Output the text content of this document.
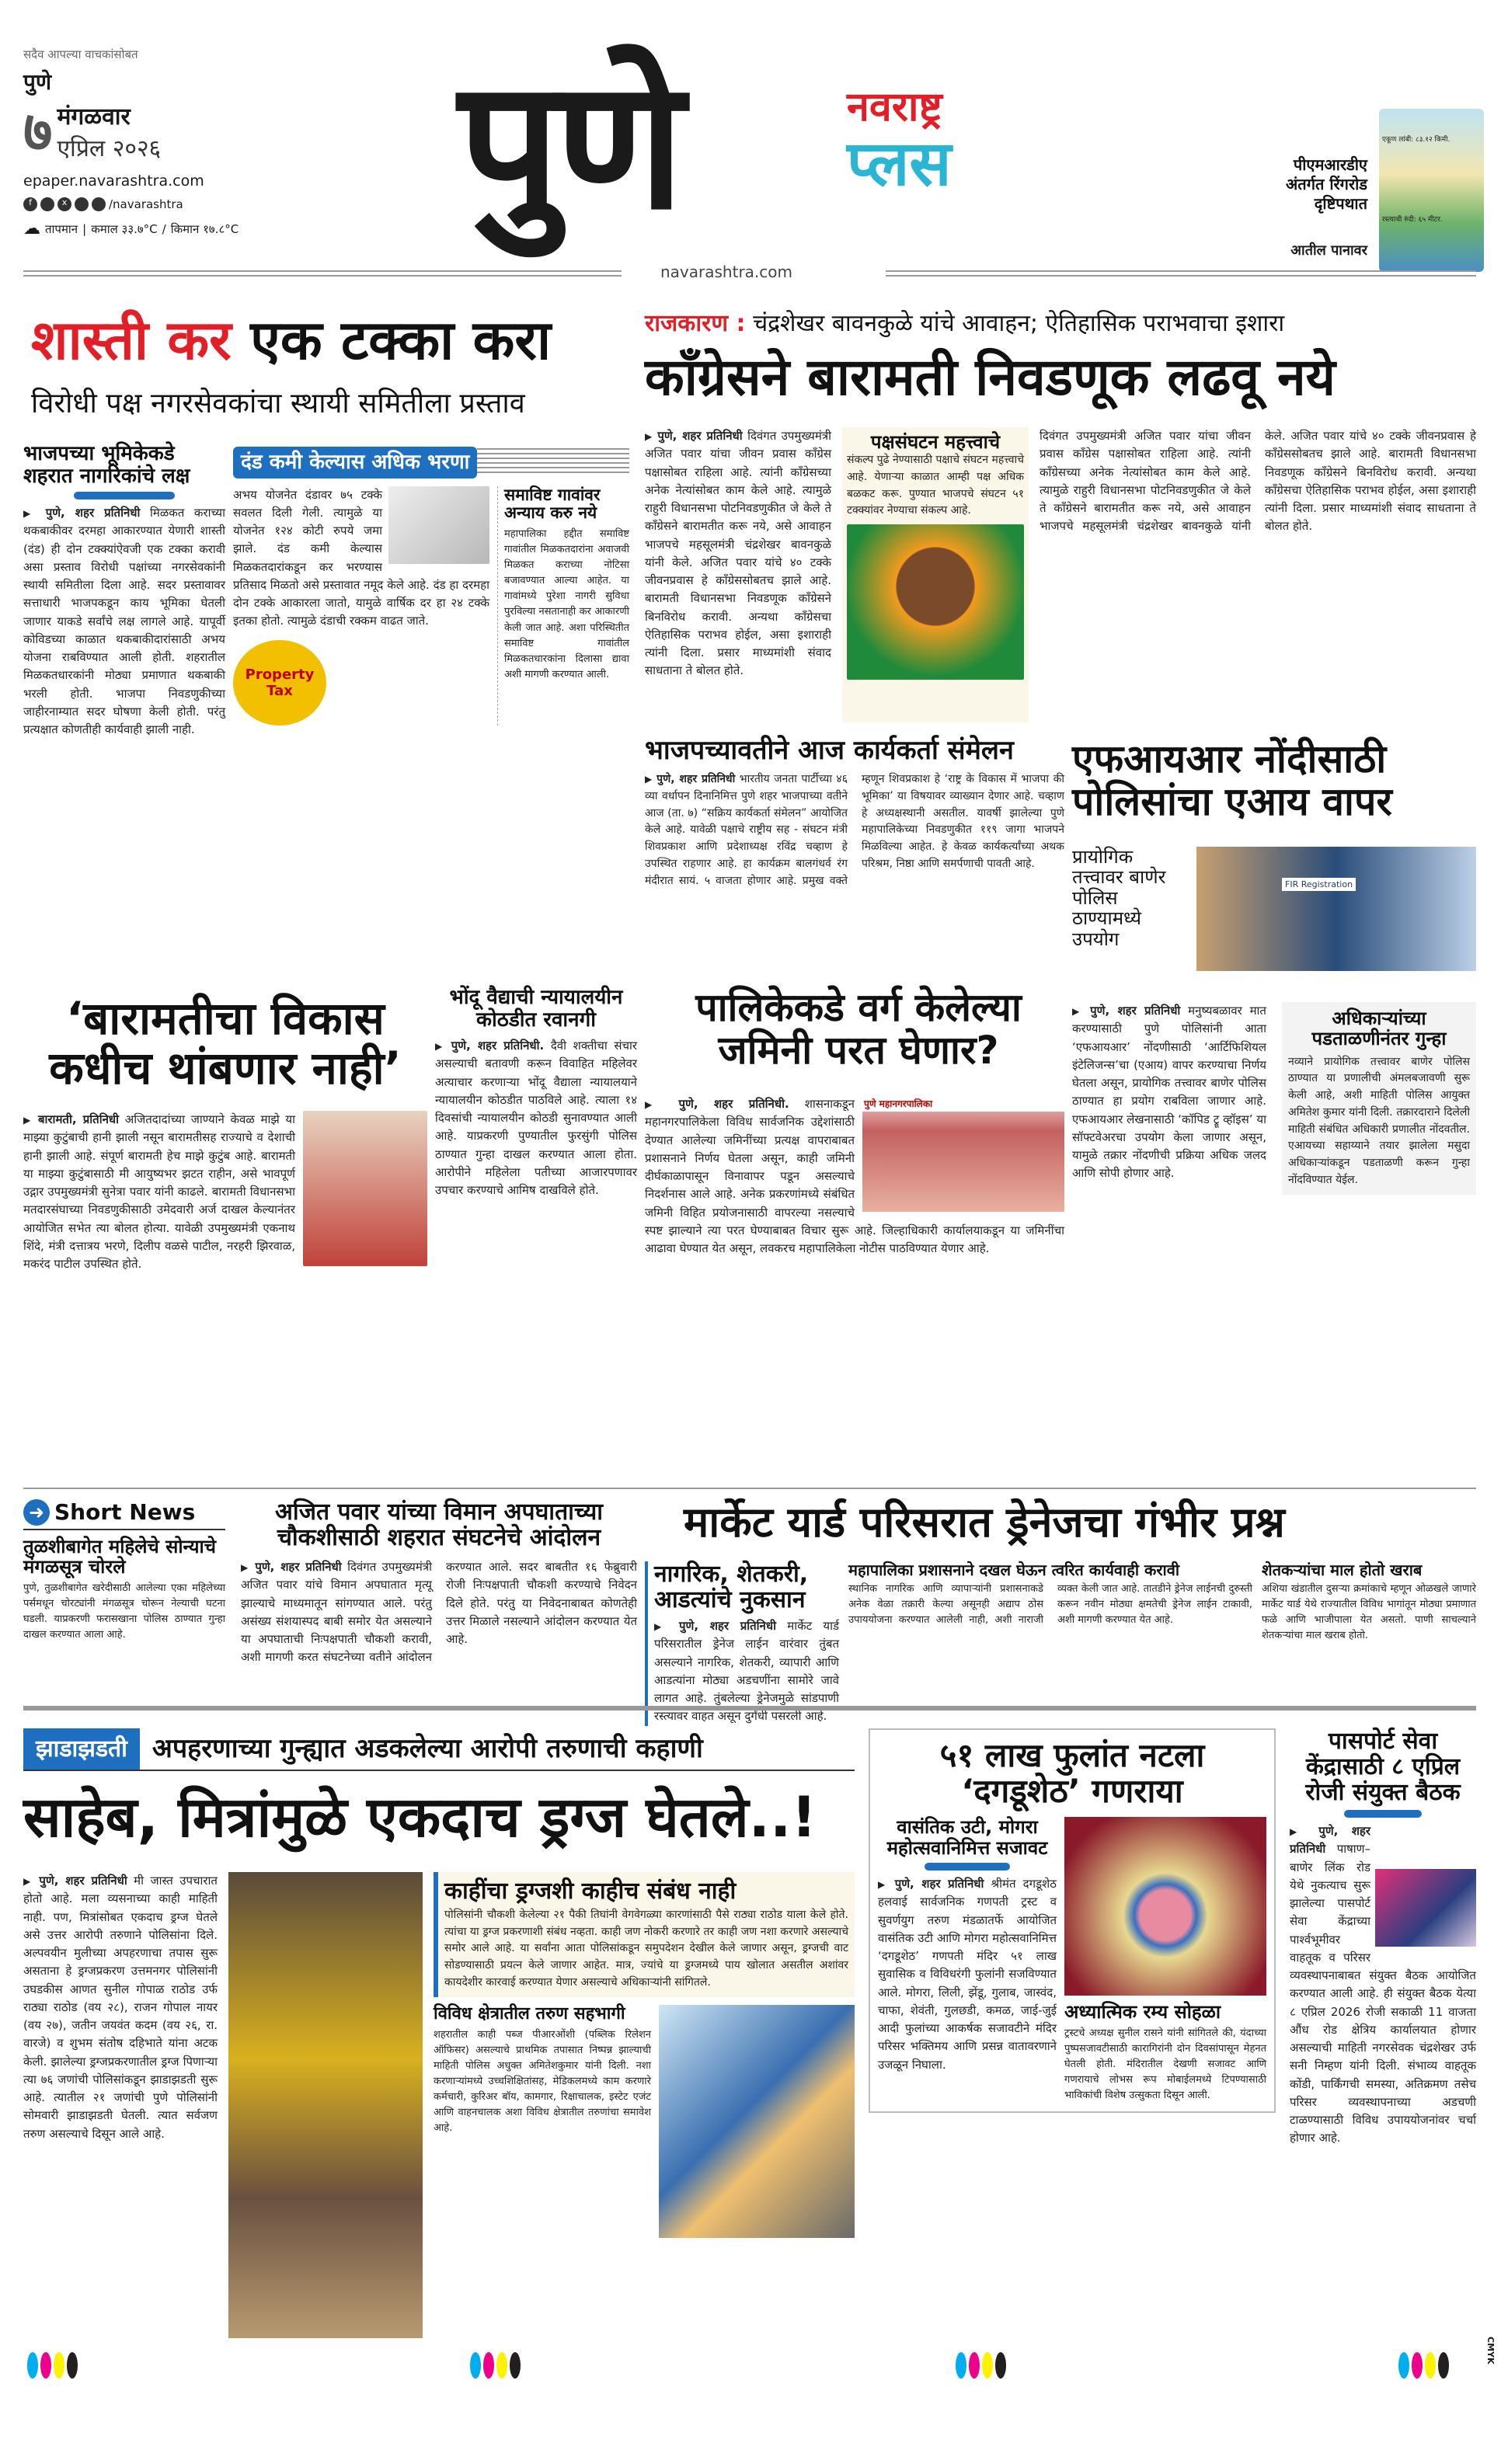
सदैव आपल्या वाचकांसोबत
पुणे
७ मंगळवार
एप्रिल २०२६
epaper.navarashtra.com
f	x	/navarashtra
☁ तापमान | कमाल ३३.७°C / किमान १७.८°C पुणे	नवराष्ट्र
प्लस
navarashtra.com
पीएमआरडीए अंतर्गत रिंगरोड दृष्टिपथात
आतील पानावर
एकूण लांबी: ८३.१२ किमी.
रस्त्याची रुंदी: ६५ मीटर.
शास्ती कर एक टक्का करा
विरोधी पक्ष नगरसेवकांचा स्थायी समितीला प्रस्ताव
भाजपच्या भूमिकेकडे शहरात नागरिकांचे लक्ष
▶ पुणे, शहर प्रतिनिधी मिळकत कराच्या थकबाकीवर दरमहा आकारण्यात येणारी शास्ती (दंड) ही दोन टक्क्यांऐवजी एक टक्का करावी असा प्रस्ताव विरोधी पक्षांच्या नगरसेवकांनी स्थायी समितीला दिला आहे. सदर प्रस्तावावर सत्ताधारी भाजपकडून काय भूमिका घेतली जाणार याकडे सर्वांचे लक्ष लागले आहे. यापूर्वी कोविडच्या काळात थकबाकीदारांसाठी अभय योजना राबविण्यात आली होती. शहरातील मिळकतधारकांनी मोठ्या प्रमाणात थकबाकी भरली होती. भाजपा निवडणुकीच्या जाहीरनाम्यात सदर घोषणा केली होती. परंतु प्रत्यक्षात कोणतीही कार्यवाही झाली नाही.
दंड कमी केल्यास अधिक भरणा
अभय योजनेत दंडावर ७५ टक्के सवलत दिली गेली. त्यामुळे या योजनेत १२४ कोटी रुपये जमा झाले. दंड कमी केल्यास मिळकतदारांकडून कर भरण्यास प्रतिसाद मिळतो असे प्रस्तावात नमूद केले आहे. दंड हा दरमहा दोन टक्के आकारला जातो, यामुळे वार्षिक दर हा २४ टक्के इतका होतो. त्यामुळे दंडाची रक्कम वाढत जाते.
Property Tax
समाविष्ट गावांवर अन्याय करु नये
महापालिका हद्दीत समाविष्ट गावांतील मिळकतदारांना अवाजवी मिळकत कराच्या नोटिसा बजावण्यात आल्या आहेत. या गावांमध्ये पुरेशा नागरी सुविधा पुरविल्या नसतानाही कर आकारणी केली जात आहे. अशा परिस्थितीत समाविष्ट गावांतील मिळकतधारकांना दिलासा द्यावा अशी मागणी करण्यात आली.
राजकारण : चंद्रशेखर बावनकुळे यांचे आवाहन; ऐतिहासिक पराभवाचा इशारा
काँग्रेसने बारामती निवडणूक लढवू नये
▶ पुणे, शहर प्रतिनिधी दिवंगत उपमुख्यमंत्री अजित पवार यांचा जीवन प्रवास काँग्रेस पक्षासोबत राहिला आहे. त्यांनी काँग्रेसच्या अनेक नेत्यांसोबत काम केले आहे. त्यामुळे राहुरी विधानसभा पोटनिवडणुकीत जे केले ते काँग्रेसने बारामतीत करू नये, असे आवाहन भाजपचे महसूलमंत्री चंद्रशेखर बावनकुळे यांनी केले. अजित पवार यांचे ४० टक्के जीवनप्रवास हे काँग्रेससोबतच झाले आहे. बारामती विधानसभा निवडणूक काँग्रेसने बिनविरोध करावी. अन्यथा काँग्रेसचा ऐतिहासिक पराभव होईल, असा इशाराही त्यांनी दिला. प्रसार माध्यमांशी संवाद साधताना ते बोलत होते.
पक्षसंघटन महत्त्वाचे
संकल्प पुढे नेण्यासाठी पक्षाचे संघटन महत्त्वाचे आहे. येणाऱ्या काळात आम्ही पक्ष अधिक बळकट करू. पुण्यात भाजपचे संघटन ५१ टक्क्यांवर नेण्याचा संकल्प आहे.
दिवंगत उपमुख्यमंत्री अजित पवार यांचा जीवन प्रवास काँग्रेस पक्षासोबत राहिला आहे. त्यांनी काँग्रेसच्या अनेक नेत्यांसोबत काम केले आहे. त्यामुळे राहुरी विधानसभा पोटनिवडणुकीत जे केले ते काँग्रेसने बारामतीत करू नये, असे आवाहन भाजपचे महसूलमंत्री चंद्रशेखर बावनकुळे यांनी केले. अजित पवार यांचे ४० टक्के जीवनप्रवास हे काँग्रेससोबतच झाले आहे. बारामती विधानसभा निवडणूक काँग्रेसने बिनविरोध करावी. अन्यथा काँग्रेसचा ऐतिहासिक पराभव होईल, असा इशाराही त्यांनी दिला. प्रसार माध्यमांशी संवाद साधताना ते बोलत होते.
भाजपच्यावतीने आज कार्यकर्ता संमेलन
▶ पुणे, शहर प्रतिनिधी भारतीय जनता पार्टीच्या ४६ व्या वर्धापन दिनानिमित्त पुणे शहर भाजपाच्या वतीने आज (ता. ७) “सक्रिय कार्यकर्ता संमेलन” आयोजित केले आहे. यावेळी पक्षाचे राष्ट्रीय सह - संघटन मंत्री शिवप्रकाश आणि प्रदेशाध्यक्ष रविंद्र चव्हाण हे उपस्थित राहणार आहे. हा कार्यक्रम बालगंधर्व रंग मंदीरात सायं. ५ वाजता होणार आहे. प्रमुख वक्ते म्हणून शिवप्रकाश हे ‘राष्ट्र के विकास में भाजपा की भूमिका’ या विषयावर व्याख्यान देणार आहे. चव्हाण हे अध्यक्षस्थानी असतील. यावर्षी झालेल्या पुणे महापालिकेच्या निवडणुकीत ११९ जागा भाजपने मिळविल्या आहेत. हे केवळ कार्यकर्त्यांच्या अथक परिश्रम, निष्ठा आणि समर्पणाची पावती आहे.
एफआयआर नोंदीसाठी पोलिसांचा एआय वापर
प्रायोगिक तत्त्वावर बाणेर पोलिस ठाण्यामध्ये उपयोग
FIR Registration
▶ पुणे, शहर प्रतिनिधी मनुष्यबळावर मात करण्यासाठी पुणे पोलिसांनी आता ‘एफआयआर’ नोंदणीसाठी ‘आर्टिफिशियल इंटेलिजन्स’चा (एआय) वापर करण्याचा निर्णय घेतला असून, प्रायोगिक तत्त्वावर बाणेर पोलिस ठाण्यात हा प्रयोग राबविला जाणार आहे. एफआयआर लेखनासाठी ‘कॉपिड ट्रू व्हॉइस’ या सॉफ्टवेअरचा उपयोग केला जाणार असून, यामुळे तक्रार नोंदणीची प्रक्रिया अधिक जलद आणि सोपी होणार आहे.
अधिकाऱ्यांच्या पडताळणीनंतर गुन्हा
नव्याने प्रायोगिक तत्त्वावर बाणेर पोलिस ठाण्यात या प्रणालीची अंमलबजावणी सुरू केली आहे, अशी माहिती पोलिस आयुक्त अमितेश कुमार यांनी दिली. तक्रारदाराने दिलेली माहिती संबंधित अधिकारी प्रणालीत नोंदवतील. एआयच्या सहाय्याने तयार झालेला मसुदा अधिकाऱ्यांकडून पडताळणी करून गुन्हा नोंदविण्यात येईल.
‘बारामतीचा विकास कधीच थांबणार नाही’
▶ बारामती, प्रतिनिधी अजितदादांच्या जाण्याने केवळ माझे या माझ्या कुटुंबाची हानी झाली नसून बारामतीसह राज्याचे व देशाची हानी झाली आहे. संपूर्ण बारामती हेच माझे कुटुंब आहे. बारामती या माझ्या कुटुंबासाठी मी आयुष्यभर झटत राहीन, असे भावपूर्ण उद्गार उपमुख्यमंत्री सुनेत्रा पवार यांनी काढले. बारामती विधानसभा मतदारसंघाच्या निवडणुकीसाठी उमेदवारी अर्ज दाखल केल्यानंतर आयोजित सभेत त्या बोलत होत्या. यावेळी उपमुख्यमंत्री एकनाथ शिंदे, मंत्री दत्तात्रय भरणे, दिलीप वळसे पाटील, नरहरी झिरवाळ, मकरंद पाटील उपस्थित होते.
भोंदू वैद्याची न्यायालयीन कोठडीत रवानगी
▶ पुणे, शहर प्रतिनिधी. दैवी शक्तीचा संचार असल्याची बतावणी करून विवाहित महिलेवर अत्याचार करणाऱ्या भोंदू वैद्याला न्यायालयाने न्यायालयीन कोठडीत पाठविले आहे. त्याला १४ दिवसांची न्यायालयीन कोठडी सुनावण्यात आली आहे. याप्रकरणी पुण्यातील फुरसुंगी पोलिस ठाण्यात गुन्हा दाखल करण्यात आला होता. आरोपीने महिलेला पतीच्या आजारपणावर उपचार करण्याचे आमिष दाखविले होते.
पालिकेकडे वर्ग केलेल्या जमिनी परत घेणार?
पुणे महानगरपालिका
▶ पुणे, शहर प्रतिनिधी. शासनाकडून महानगरपालिकेला विविध सार्वजनिक उद्देशांसाठी देण्यात आलेल्या जमिनींच्या प्रत्यक्ष वापराबाबत प्रशासनाने निर्णय घेतला असून, काही जमिनी दीर्घकाळापासून विनावापर पडून असल्याचे निदर्शनास आले आहे. अनेक प्रकरणांमध्ये संबंधित जमिनी विहित प्रयोजनासाठी वापरल्या नसल्याचे स्पष्ट झाल्याने त्या परत घेण्याबाबत विचार सुरू आहे. जिल्हाधिकारी कार्यालयाकडून या जमिनींचा आढावा घेण्यात येत असून, लवकरच महापालिकेला नोटीस पाठविण्यात येणार आहे.
➜ Short News
तुळशीबागेत महिलेचे सोन्याचे मंगळसूत्र चोरले
पुणे, तुळशीबागेत खरेदीसाठी आलेल्या एका महिलेच्या पर्समधून चोरट्यांनी मंगळसूत्र चोरून नेल्याची घटना घडली. याप्रकरणी फरासखाना पोलिस ठाण्यात गुन्हा दाखल करण्यात आला आहे.
अजित पवार यांच्या विमान अपघाताच्या चौकशीसाठी शहरात संघटनेचे आंदोलन
▶ पुणे, शहर प्रतिनिधी दिवंगत उपमुख्यमंत्री अजित पवार यांचे विमान अपघातात मृत्यू झाल्याचे माध्यमातून सांगण्यात आले. परंतु असंख्य संशयास्पद बाबी समोर येत असल्याने या अपघाताची निःपक्षपाती चौकशी करावी, अशी मागणी करत संघटनेच्या वतीने आंदोलन करण्यात आले. सदर बाबतीत १६ फेब्रुवारी रोजी निःपक्षपाती चौकशी करण्याचे निवेदन दिले होते. परंतु या निवेदनाबाबत कोणतेही उत्तर मिळाले नसल्याने आंदोलन करण्यात येत आहे.
मार्केट यार्ड परिसरात ड्रेनेजचा गंभीर प्रश्न
नागरिक, शेतकरी, आडत्यांचे नुकसान
▶ पुणे, शहर प्रतिनिधी मार्केट यार्ड परिसरातील ड्रेनेज लाईन वारंवार तुंबत असल्याने नागरिक, शेतकरी, व्यापारी आणि आडत्यांना मोठ्या अडचणींना सामोरे जावे लागत आहे. तुंबलेल्या ड्रेनेजमुळे सांडपाणी रस्त्यावर वाहत असून दुर्गंधी पसरली आहे.
महापालिका प्रशासनाने दखल घेऊन त्वरित कार्यवाही करावी
स्थानिक नागरिक आणि व्यापाऱ्यांनी प्रशासनाकडे अनेक वेळा तक्रारी केल्या असूनही अद्याप ठोस उपाययोजना करण्यात आलेली नाही, अशी नाराजी व्यक्त केली जात आहे. तातडीने ड्रेनेज लाईनची दुरुस्ती करून नवीन मोठ्या क्षमतेची ड्रेनेज लाईन टाकावी, अशी मागणी करण्यात येत आहे.
शेतकऱ्यांचा माल होतो खराब
अशिया खंडातील दुसऱ्या क्रमांकाचे म्हणून ओळखले जाणारे मार्केट यार्ड येथे राज्यातील विविध भागांतून मोठ्या प्रमाणात फळे आणि भाजीपाला येत असतो. पाणी साचल्याने शेतकऱ्यांचा माल खराब होतो.
झाडाझडती अपहरणाच्या गुन्ह्यात अडकलेल्या आरोपी तरुणाची कहाणी
साहेब, मित्रांमुळे एकदाच ड्रग्ज घेतले..!
▶ पुणे, शहर प्रतिनिधी मी जास्त उपचारात होतो आहे. मला व्यसनाच्या काही माहिती नाही. पण, मित्रांसोबत एकदाच ड्रग्ज घेतले असे उत्तर आरोपी तरुणाने पोलिसांना दिले. अल्पवयीन मुलीच्या अपहरणाचा तपास सुरू असताना हे ड्रग्जप्रकरण उत्तमनगर पोलिसांनी उघडकीस आणत सुनील गोपाळ राठोड उर्फ राठ्या राठोड (वय २८), राजन गोपाल नायर (वय २७), जतीन जयवंत कदम (वय २६, रा. वारजे) व शुभम संतोष दहिभाते यांना अटक केली. झालेल्या ड्रग्जप्रकरणातील ड्रग्ज पिणाऱ्या त्या ७६ जणांची पोलिसांकडून झाडाझडती सुरू आहे. त्यातील २१ जणांची पुणे पोलिसांनी सोमवारी झाडाझडती घेतली. त्यात सर्वजण तरुण असल्याचे दिसून आले आहे.
काहींचा ड्रग्जशी काहीच संबंध नाही
पोलिसांनी चौकशी केलेल्या २१ पैकी तिघांनी वेगवेगळ्या कारणांसाठी पैसे राठ्या राठोड याला केले होते. त्यांचा या ड्रग्ज प्रकरणाशी संबंध नव्हता. काही जण नोकरी करणारे तर काही जण नशा करणारे असल्याचे समोर आले आहे. या सर्वांना आता पोलिसांकडून समुपदेशन देखील केले जाणार असून, ड्रग्जची वाट सोडण्यासाठी प्रयत्न केले जाणार आहेत. मात्र, ज्यांचे या ड्रग्जमध्ये पाय खोलात असतील अशांवर कायदेशीर कारवाई करण्यात येणार असल्याचे अधिकाऱ्यांनी सांगितले.
विविध क्षेत्रातील तरुण सहभागी
शहरातील काही पब्ज पीआरओंशी (पब्लिक रिलेशन ऑफिसर) असल्याचे प्राथमिक तपासात निष्पन्न झाल्याची माहिती पोलिस अधुक्त अमितेशकुमार यांनी दिली. नशा करणाऱ्यांमध्ये उच्चशिक्षितांसह, मेडिकलमध्ये काम करणारे कर्मचारी, कुरिअर बॉय, कामगार, रिक्षाचालक, इस्टेट एजंट आणि वाहनचालक अशा विविध क्षेत्रातील तरुणांचा समावेश आहे.
५१ लाख फुलांत नटला ‘दगडूशेठ’ गणराया
वासंतिक उटी, मोगरा महोत्सवानिमित्त सजावट
▶ पुणे, शहर प्रतिनिधी श्रीमंत दगडूशेठ हलवाई सार्वजनिक गणपती ट्रस्ट व सुवर्णयुग तरुण मंडळातर्फे आयोजित वासंतिक उटी आणि मोगरा महोत्सवानिमित्त ‘दगडूशेठ’ गणपती मंदिर ५१ लाख सुवासिक व विविधरंगी फुलांनी सजविण्यात आले. मोगरा, लिली, झेंडू, गुलाब, जास्वंद, चाफा, शेवंती, गुलछडी, कमळ, जाई-जुई आदी फुलांच्या आकर्षक सजावटीने मंदिर परिसर भक्तिमय आणि प्रसन्न वातावरणाने उजळून निघाला.
अध्यात्मिक रम्य सोहळा
ट्रस्टचे अध्यक्ष सुनील रासने यांनी सांगितले की, यंदाच्या पुष्पसजावटीसाठी कारागिरांनी दोन दिवसांपासून मेहनत घेतली होती. मंदिरातील देखणी सजावट आणि गणरायाचे लोभस रूप मोबाईलमध्ये टिपण्यासाठी भाविकांची विशेष उत्सुकता दिसून आली.
पासपोर्ट सेवा केंद्रासाठी ८ एप्रिल रोजी संयुक्त बैठक
▶ पुणे, शहर प्रतिनिधी पाषाण–बाणेर लिंक रोड येथे नुकत्याच सुरू झालेल्या पासपोर्ट सेवा केंद्राच्या पार्श्वभूमीवर वाहतूक व परिसर व्यवस्थापनाबाबत संयुक्त बैठक आयोजित करण्यात आली आहे. ही संयुक्त बैठक येत्या ८ एप्रिल 2026 रोजी सकाळी 11 वाजता औंध रोड क्षेत्रिय कार्यालयात होणार असल्याची माहिती नगरसेवक चंद्रशेखर उर्फ सनी निम्हण यांनी दिली. संभाव्य वाहतूक कोंडी, पार्किंगची समस्या, अतिक्रमण तसेच परिसर व्यवस्थापनाच्या अडचणी टाळण्यासाठी विविध उपाययोजनांवर चर्चा होणार आहे.
CMYK
